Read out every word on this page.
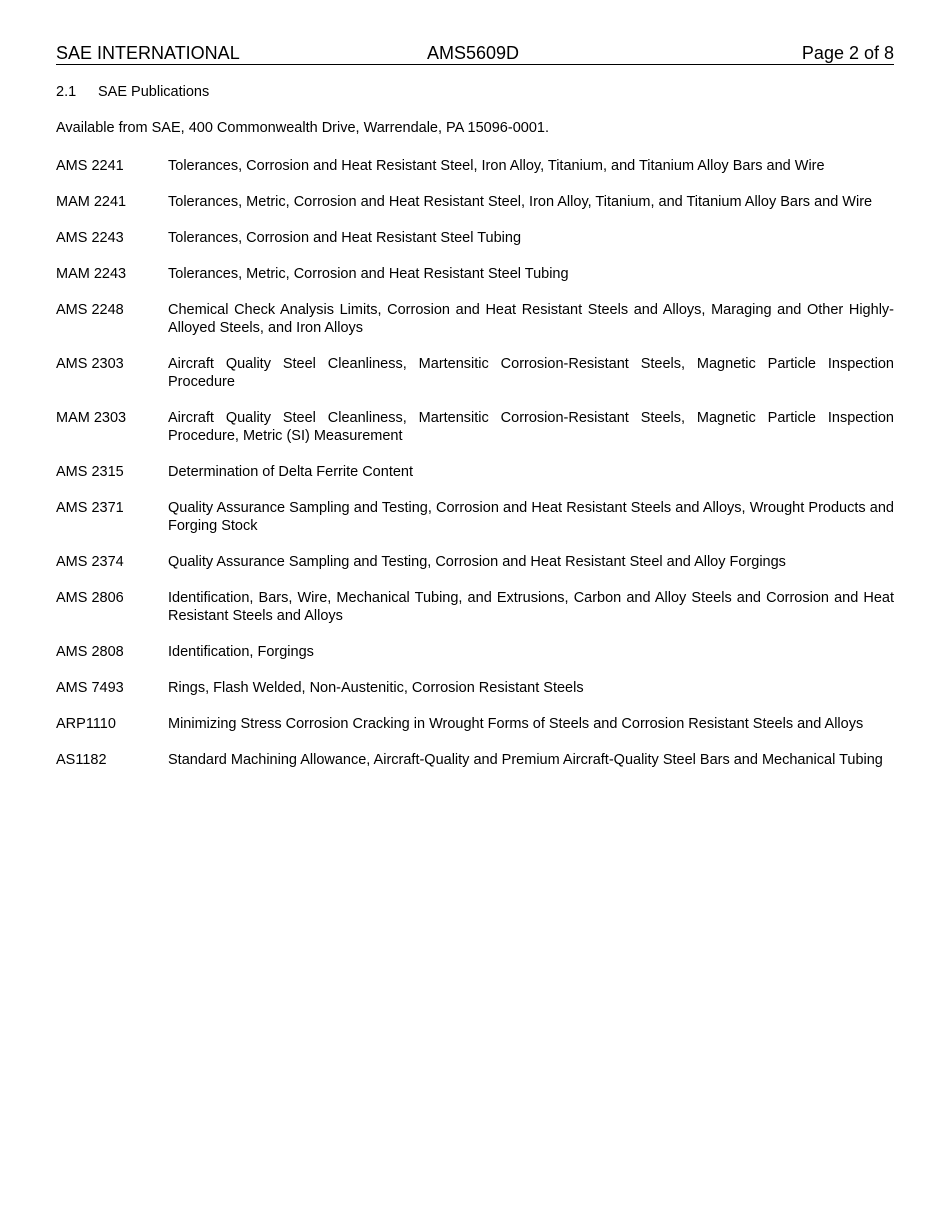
SAE INTERNATIONAL	AMS5609D	Page 2 of 8
2.1 SAE Publications
Available from SAE, 400 Commonwealth Drive, Warrendale, PA 15096-0001.
AMS 2241	Tolerances, Corrosion and Heat Resistant Steel, Iron Alloy, Titanium, and Titanium Alloy Bars and Wire
MAM 2241	Tolerances, Metric, Corrosion and Heat Resistant Steel, Iron Alloy, Titanium, and Titanium Alloy Bars and Wire
AMS 2243	Tolerances, Corrosion and Heat Resistant Steel Tubing
MAM 2243	Tolerances, Metric, Corrosion and Heat Resistant Steel Tubing
AMS 2248	Chemical Check Analysis Limits, Corrosion and Heat Resistant Steels and Alloys, Maraging and Other Highly-Alloyed Steels, and Iron Alloys
AMS 2303	Aircraft Quality Steel Cleanliness, Martensitic Corrosion-Resistant Steels, Magnetic Particle Inspection Procedure
MAM 2303	Aircraft Quality Steel Cleanliness, Martensitic Corrosion-Resistant Steels, Magnetic Particle Inspection Procedure, Metric (SI) Measurement
AMS 2315	Determination of Delta Ferrite Content
AMS 2371	Quality Assurance Sampling and Testing, Corrosion and Heat Resistant Steels and Alloys, Wrought Products and Forging Stock
AMS 2374	Quality Assurance Sampling and Testing, Corrosion and Heat Resistant Steel and Alloy Forgings
AMS 2806	Identification, Bars, Wire, Mechanical Tubing, and Extrusions, Carbon and Alloy Steels and Corrosion and Heat Resistant Steels and Alloys
AMS 2808	Identification, Forgings
AMS 7493	Rings, Flash Welded, Non-Austenitic, Corrosion Resistant Steels
ARP1110	Minimizing Stress Corrosion Cracking in Wrought Forms of Steels and Corrosion Resistant Steels and Alloys
AS1182	Standard Machining Allowance, Aircraft-Quality and Premium Aircraft-Quality Steel Bars and Mechanical Tubing
